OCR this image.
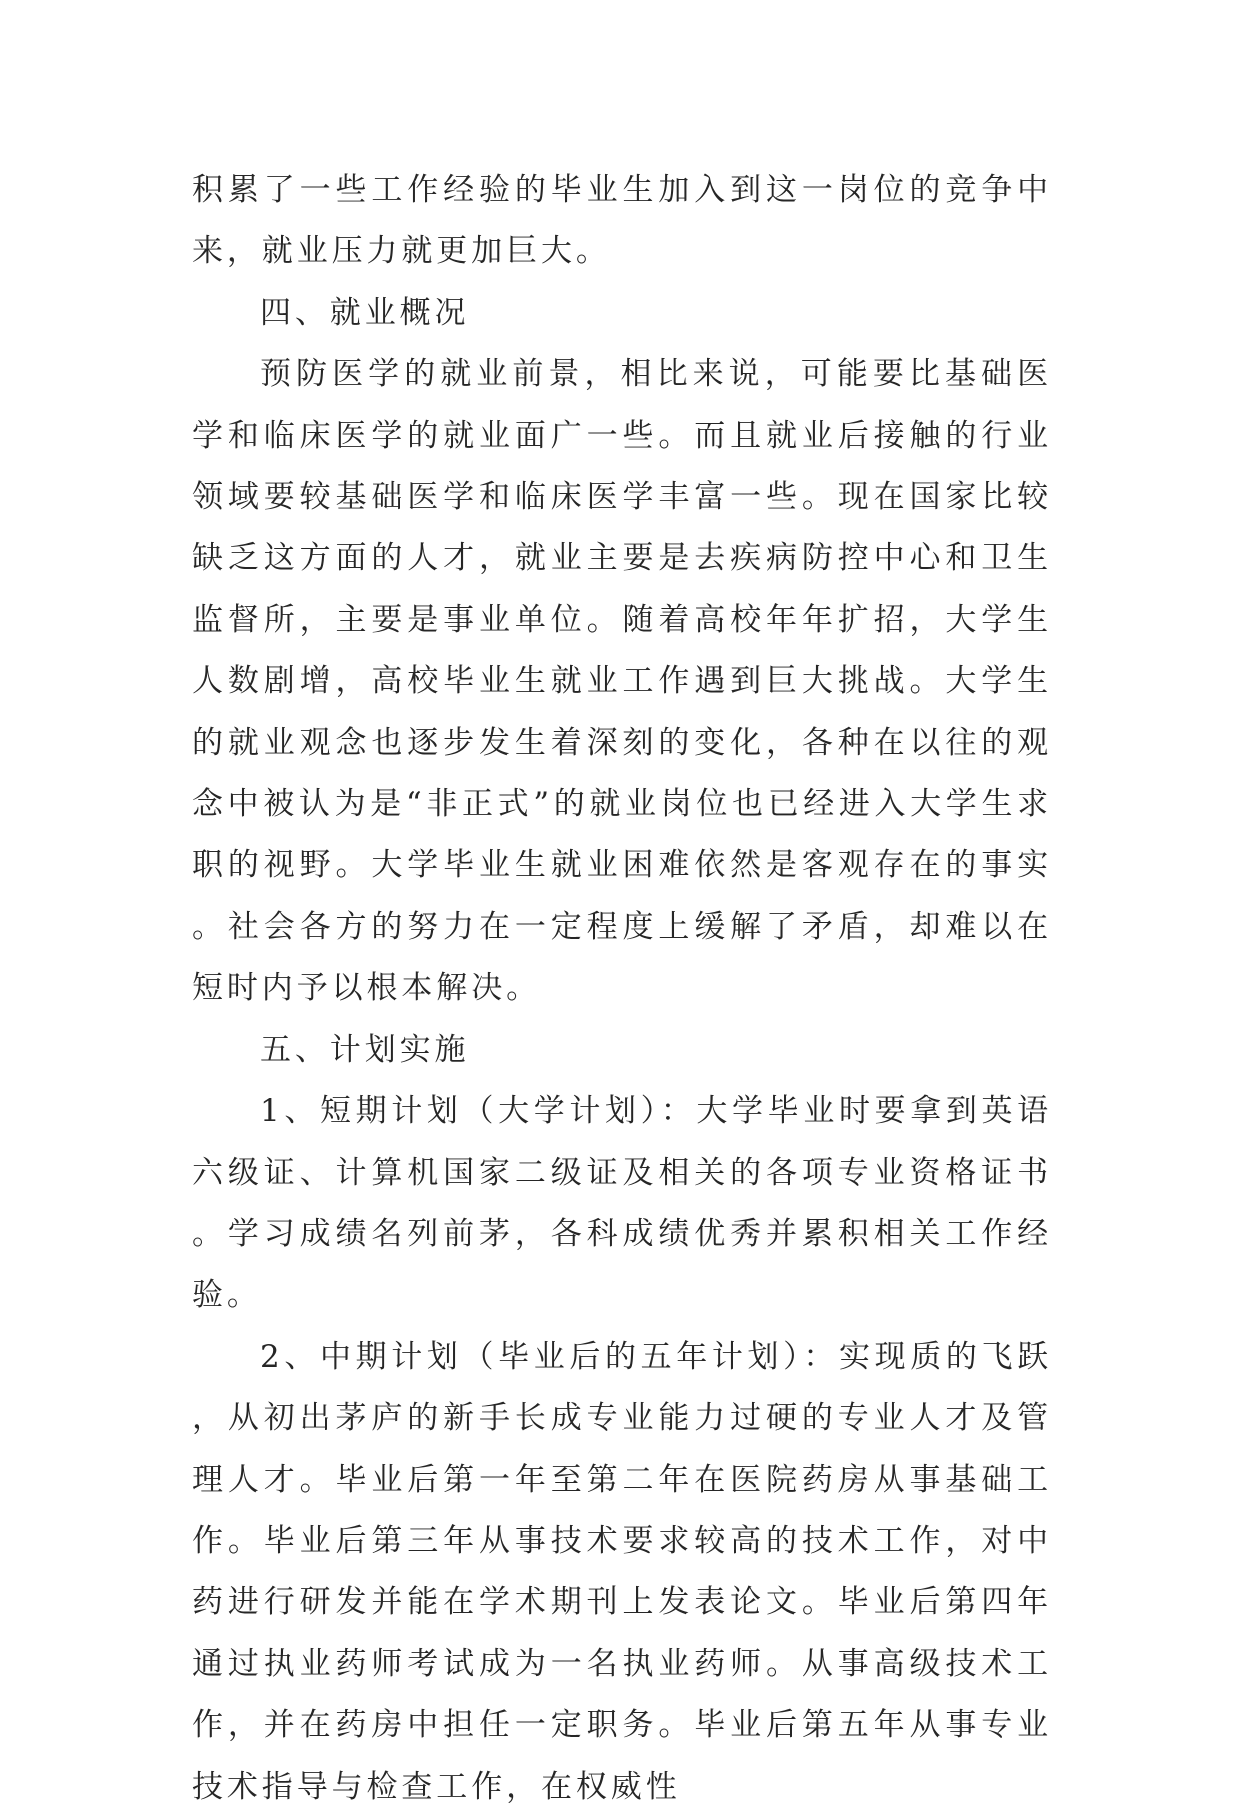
积累了一些工作经验的毕业生加入到这一岗位的竞争中来，就业压力就更加巨大。

四、就业概况

预防医学的就业前景，相比来说，可能要比基础医学和临床医学的就业面广一些。而且就业后接触的行业领域要较基础医学和临床医学丰富一些。现在国家比较缺乏这方面的人才，就业主要是去疾病防控中心和卫生监督所，主要是事业单位。随着高校年年扩招，大学生人数剧增，高校毕业生就业工作遇到巨大挑战。大学生的就业观念也逐步发生着深刻的变化，各种在以往的观念中被认为是“非正式”的就业岗位也已经进入大学生求职的视野。大学毕业生就业困难依然是客观存在的事实。社会各方的努力在一定程度上缓解了矛盾，却难以在短时内予以根本解决。

五、计划实施

1、短期计划（大学计划）：大学毕业时要拿到英语六级证、计算机国家二级证及相关的各项专业资格证书。学习成绩名列前茅，各科成绩优秀并累积相关工作经验。

2、中期计划（毕业后的五年计划）：实现质的飞跃，从初出茅庐的新手长成专业能力过硬的专业人才及管理人才。毕业后第一年至第二年在医院药房从事基础工作。毕业后第三年从事技术要求较高的技术工作，对中药进行研发并能在学术期刊上发表论文。毕业后第四年通过执业药师考试成为一名执业药师。从事高级技术工作，并在药房中担任一定职务。毕业后第五年从事专业技术指导与检查工作，在权威性
